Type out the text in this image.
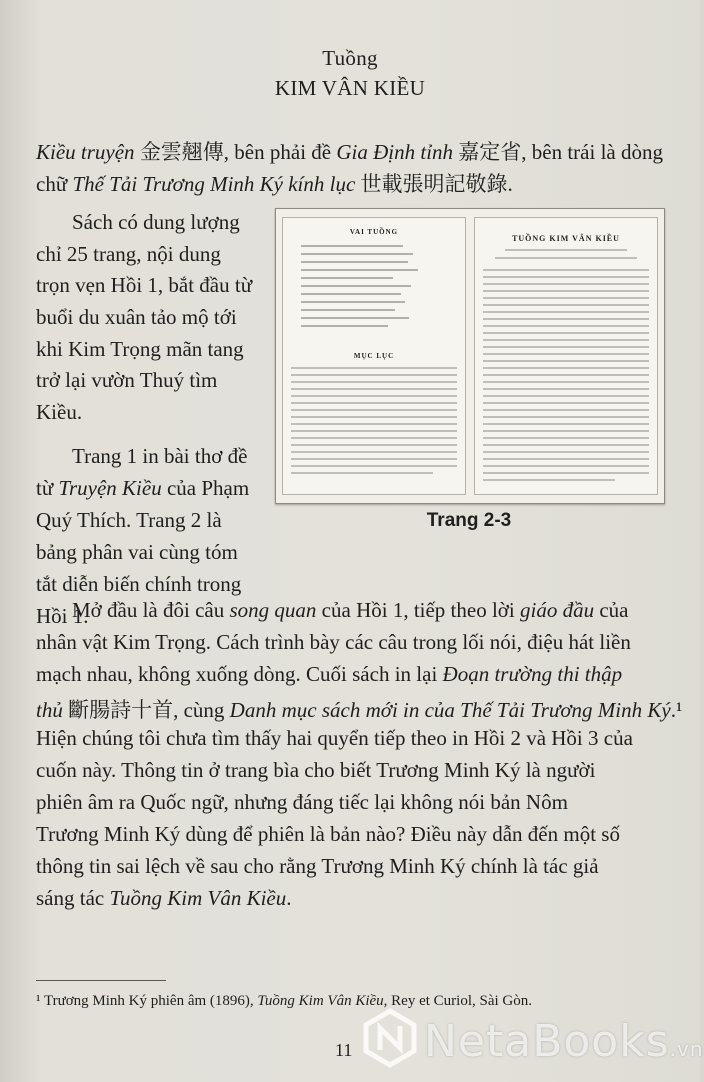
Tuồng
KIM VÂN KIỀU
Kiều truyện 金雲翹傳, bên phải đề Gia Định tỉnh 嘉定省, bên trái là dòng
chữ Thế Tải Trương Minh Ký kính lục 世載張明記敬錄.
Sách có dung lượng
chỉ 25 trang, nội dung
trọn vẹn Hồi 1, bắt đầu từ
buổi du xuân tảo mộ tới
khi Kim Trọng mãn tang
trở lại vườn Thuý tìm
Kiều.
Trang 1 in bài thơ đề
từ Truyện Kiều của Phạm
Quý Thích. Trang 2 là
bảng phân vai cùng tóm
tắt diễn biến chính trong
Hồi 1.
VAI TUỒNG
MỤC LỤC
TUỒNG KIM VÂN KIỀU
Trang 2-3
Mở đầu là đôi câu song quan của Hồi 1, tiếp theo lời giáo đầu của
nhân vật Kim Trọng. Cách trình bày các câu trong lối nói, điệu hát liền
mạch nhau, không xuống dòng. Cuối sách in lại Đoạn trường thi thập
thủ 斷腸詩十首, cùng Danh mục sách mới in của Thế Tải Trương Minh Ký.¹
Hiện chúng tôi chưa tìm thấy hai quyển tiếp theo in Hồi 2 và Hồi 3 của
cuốn này. Thông tin ở trang bìa cho biết Trương Minh Ký là người
phiên âm ra Quốc ngữ, nhưng đáng tiếc lại không nói bản Nôm
Trương Minh Ký dùng để phiên là bản nào? Điều này dẫn đến một số
thông tin sai lệch về sau cho rằng Trương Minh Ký chính là tác giả
sáng tác Tuồng Kim Vân Kiều.
¹ Trương Minh Ký phiên âm (1896), Tuồng Kim Vân Kiều, Rey et Curiol, Sài Gòn.
11 NetaBooks.vn
